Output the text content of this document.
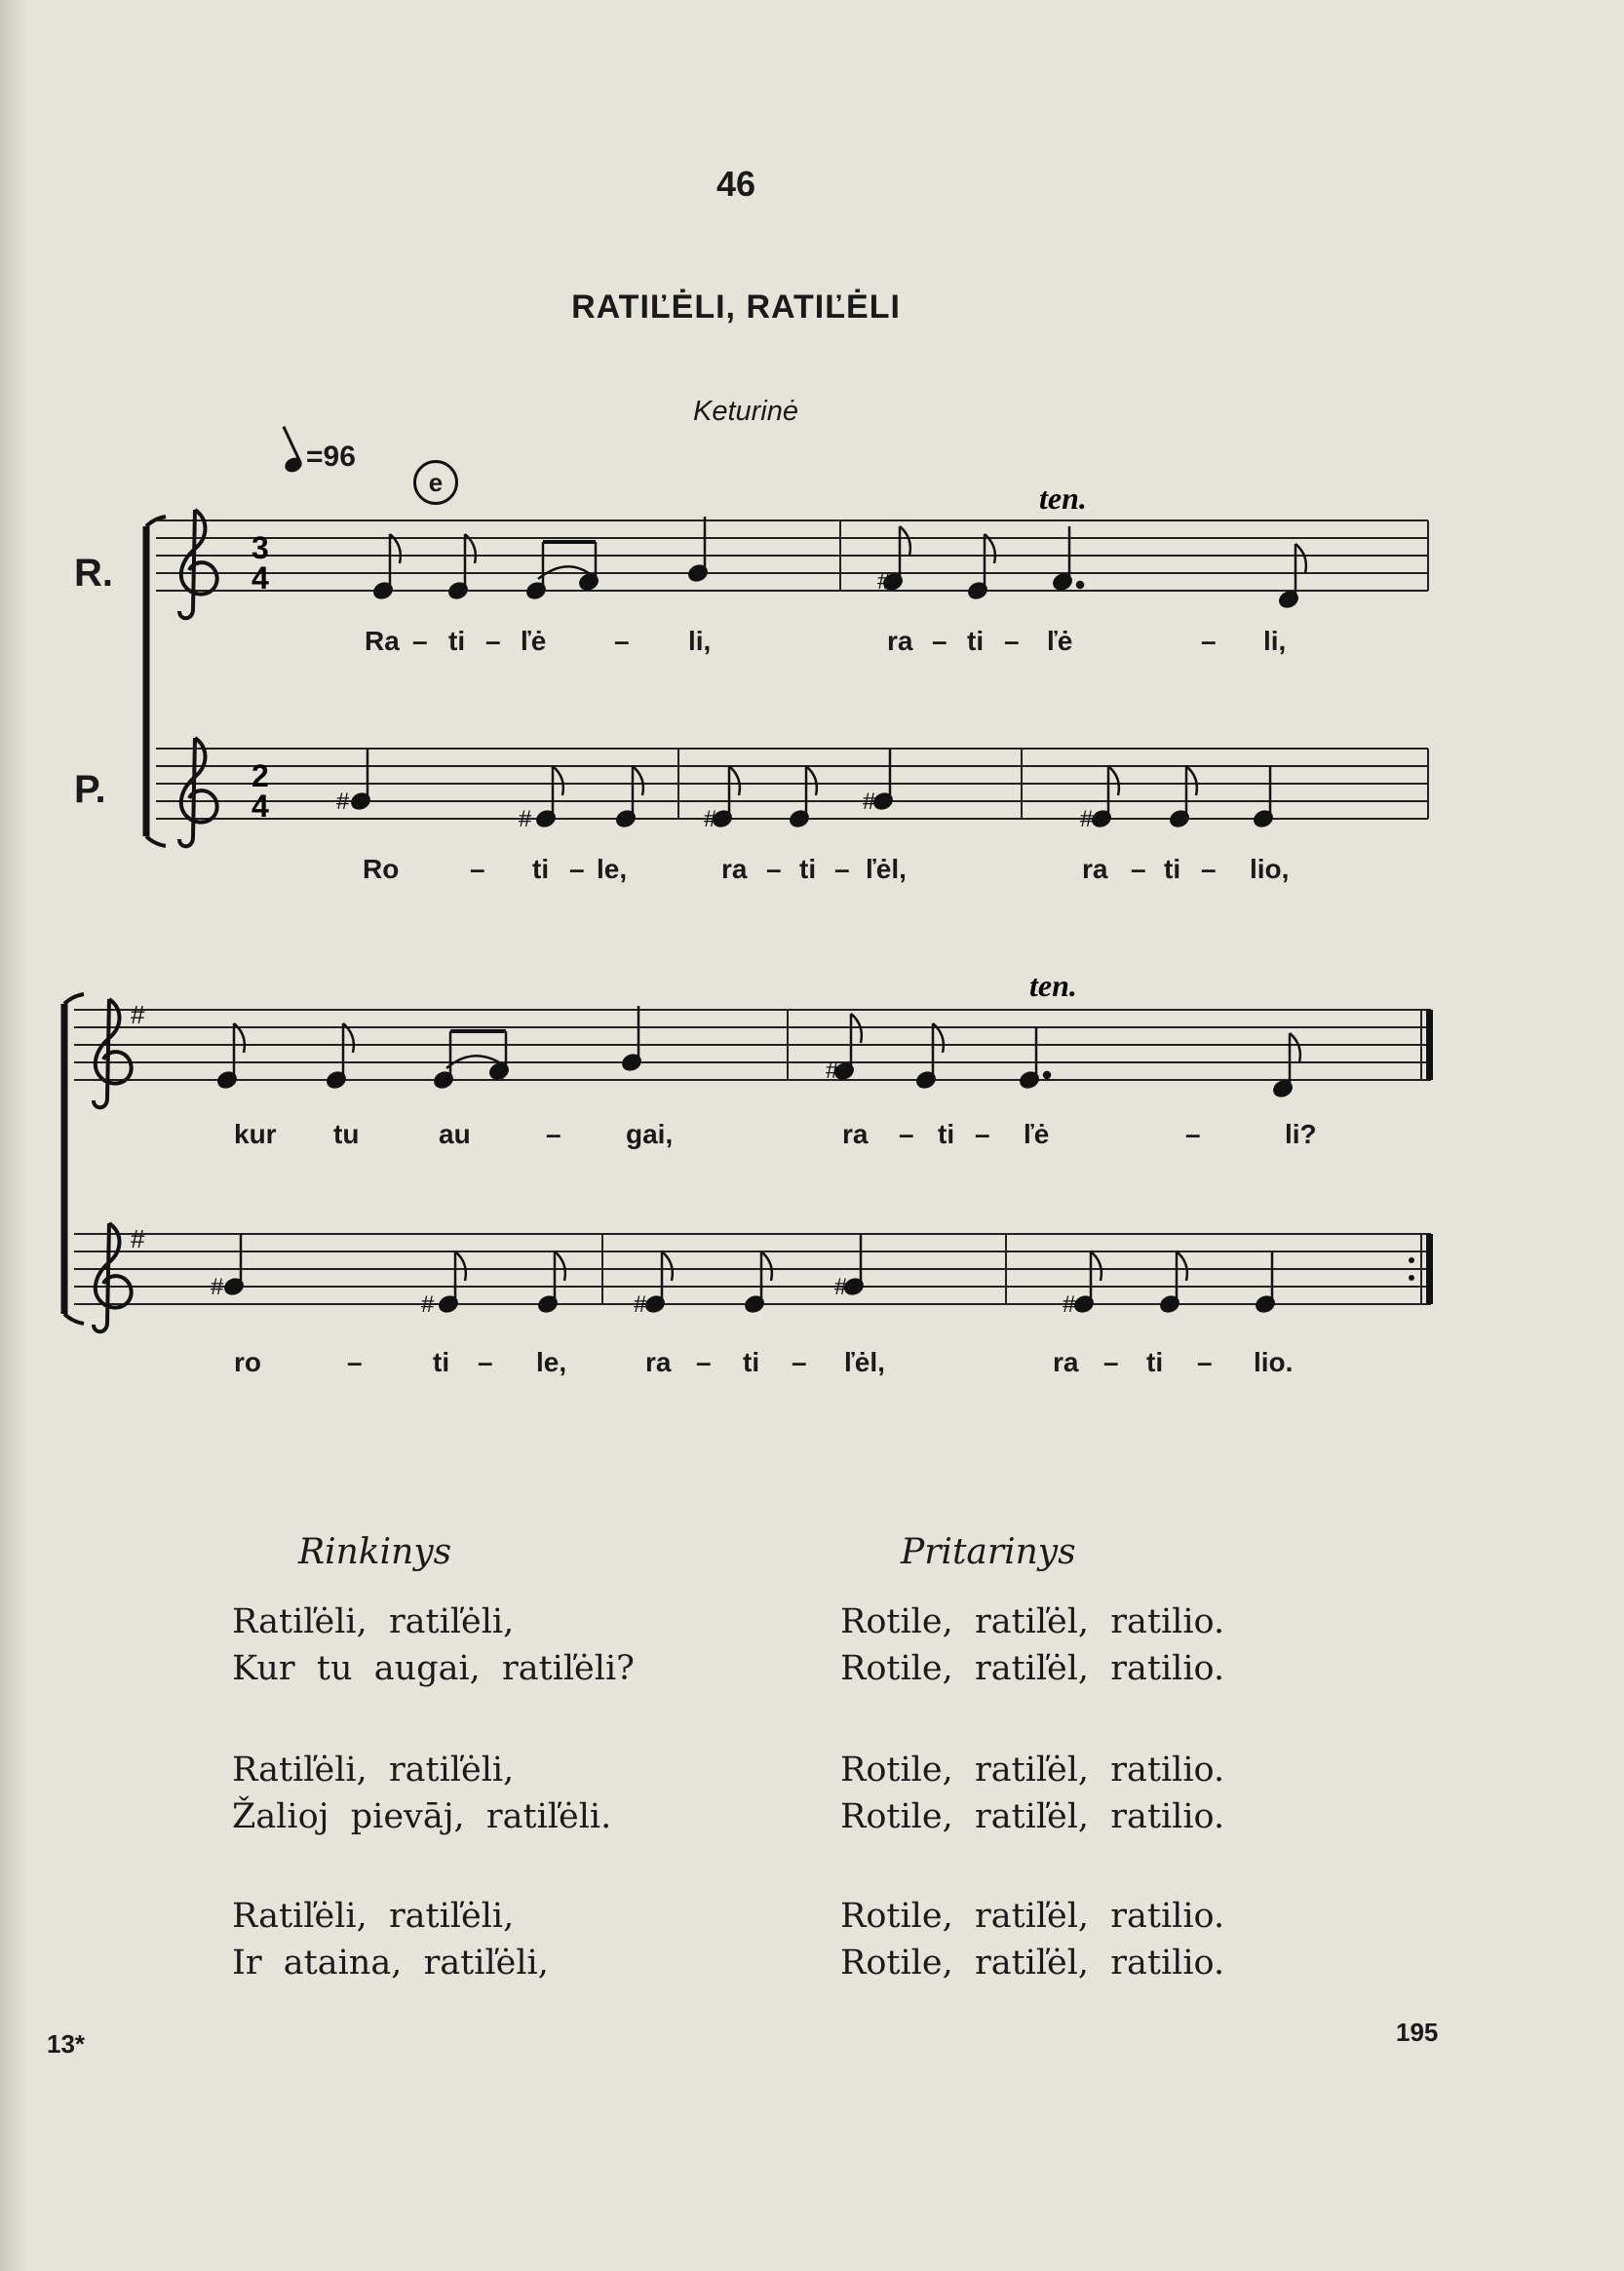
46
RATIĽĖLI, RATIĽĖLI
Keturinė
=96
e
R.
P.
3
4
ten.
#	#
2
4	#
#	#
#
#
#
ten.
#	#
#
#
#	#
#
#
Ra – ti – ľė – li,	ra – ti – ľė	– li,
Ro	– ti – le,	ra – ti – ľėl,	ra – ti – lio,
kur tu	au	– gai,	ra – ti – ľė	–	li?
ro	–	ti – le,	ra – ti – ľėl,	ra – ti – lio.
Rinkinys	Pritarinys
Ratiľėli,  ratiľėli,
Kur  tu  augai,  ratiľėli?
Ratiľėli,  ratiľėli,
Žalioj  pievāj,  ratiľėli.
Ratiľėli,  ratiľėli,
Ir  ataina,  ratiľėli,
Rotile,  ratiľėl,  ratilio.
Rotile,  ratiľėl,  ratilio.
Rotile,  ratiľėl,  ratilio.
Rotile,  ratiľėl,  ratilio.
Rotile,  ratiľėl,  ratilio.
Rotile,  ratiľėl,  ratilio.
13*	195
